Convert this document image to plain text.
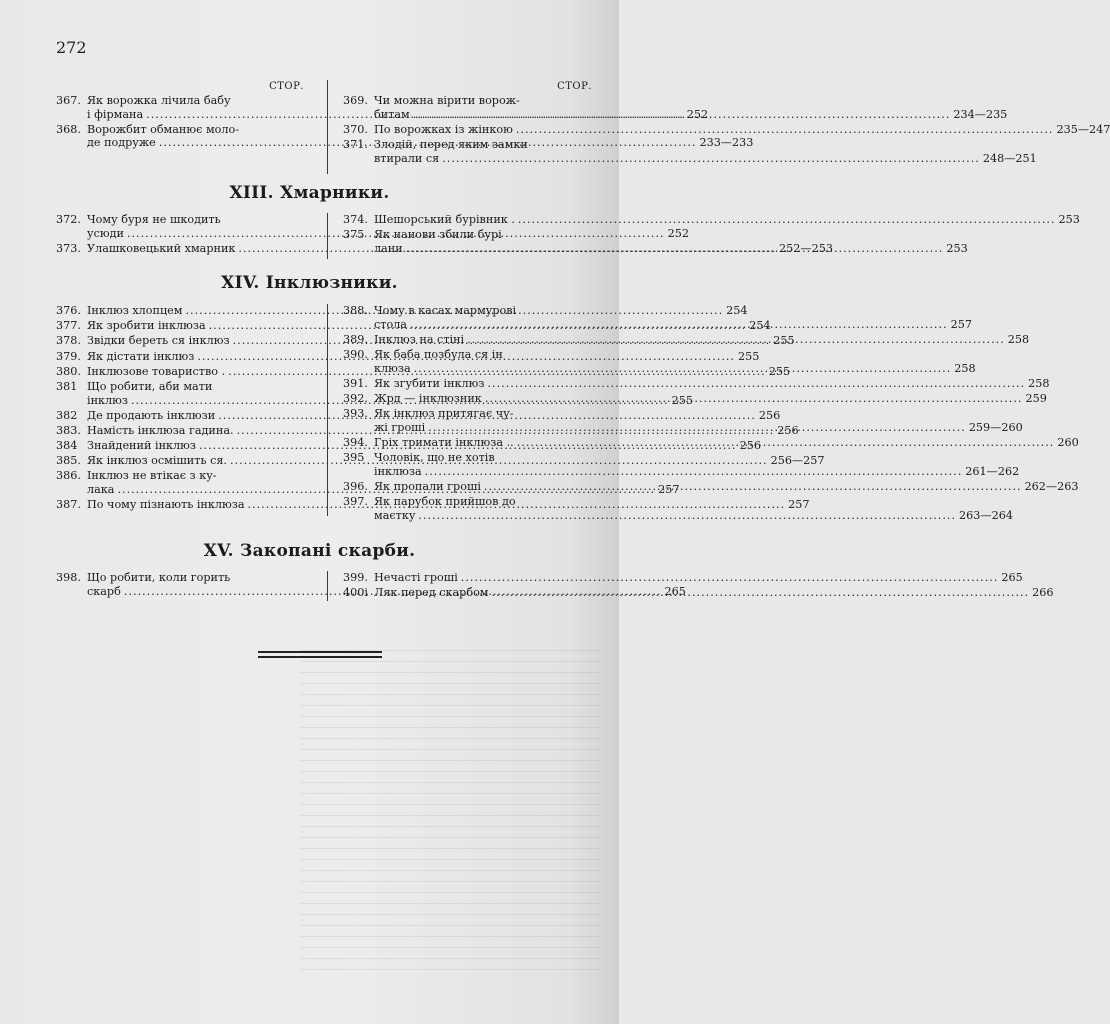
272
СТОР.
367. Як ворожка лічила бабу
і фірмана .....	252
368. Ворожбит обманює моло-
де подруже .....	233—233
СТОР.
369. Чи можна вірити ворож-
битам .....	234—235
370. По ворожках із жінкою .....	235—247
371. Злодій, перед яким замки
втирали ся .....	248—251
XIII. Хмарники.
372. Чому буря не шкодить
усюди .....	252
373. Улашковецький хмарник .....	252—253
374. Шешорський бурівник . .....	253
375 Як нанови збили бурі
лани .....	253
XIV. Інклюзники.
376. Інклюз хлопцем .....	254
377. Як зробити інклюза .....	254
378. Звідки береть ся інклюз .....	255
379. Як дістати інклюз .....	255
380. Інклюзове товариство . .....	255
381 Що робити, аби мати
інклюз .....	255
382 Де продають інклюзи .....	256
383. Намість інклюза гадина. .....	256
384 Знайдений інклюз .....	256
385. Як інклюз осмішить ся. .....	256—257
386. Інклюз не втікає з ку-
лака .....	257
387. По чому пізнають інклюза .....	257
388. Чому в касах мармурові
стола .....	257
389. Інклюз на стіні .....	258
390. Як баба позбула ся ін
клюза .....	258
391. Як згубити інклюз .....	258
392. Жрд — інклюзник .....	259
393. Як інклюз притягає чу-
жі гроші .....	259—260
394. Гріх тримати інклюза .. .....	260
395 Чоловік, що не хотів
інклюза .....	261—262
396. Як пропали гроші .....	262—263
397. Як парубок прийшов до
маєтку .....	263—264
XV. Закопані скарби.
398. Що робити, коли горить
скарб .....	265
399. Нечасті гроші .....	265
400і Ляк перед скарбом .....	266
